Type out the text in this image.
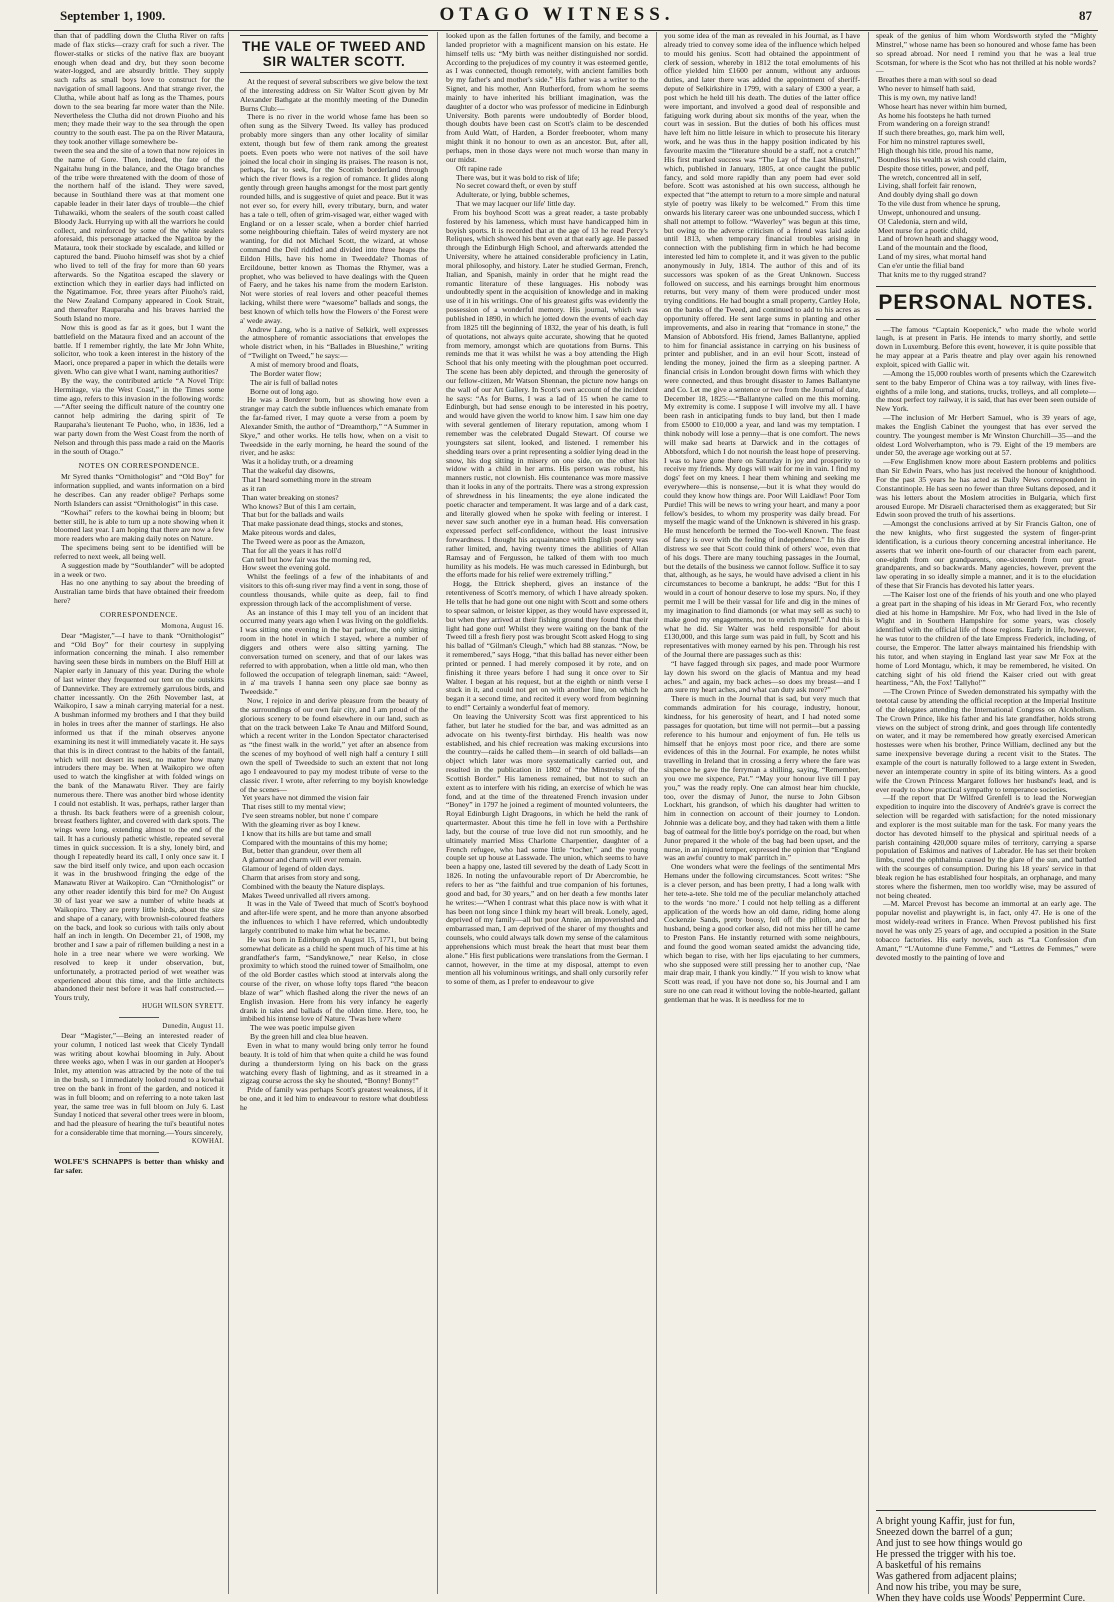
September 1, 1909.	OTAGO WITNESS.	87

than that of paddling down the Clutha River on rafts made of flax sticks—crazy craft for such a river. The flower-stalks or sticks of the native flax are buoyant enough when dead and dry, but they soon become water-logged, and are absurdly brittle. They supply such rafts as small boys love to construct for the navigation of small lagoons. And that strange river, the Clutha, while about half as long as the Thames, pours down to the sea bearing far more water than the Nile. Nevertheless the Clutha did not drown Piuoho and his men; they made their way to the sea through the open country to the south east. The pa on the River Mataura, they took another village somewhere be-

tween the sea and the site of a town that now rejoices in the name of Gore. Then, indeed, the fate of the Ngaitahu hung in the balance, and the Otago branches of the tribe were threatened with the doom of those of the northern half of the island. They were saved, because in Southland there was at that moment one capable leader in their later days of trouble—the chief Tuhawaiki, whom the sealers of the south coast called Bloody Jack. Hurrying up with all the warriors he could collect, and reinforced by some of the white sealers aforesaid, this personage attacked the Ngatitoa by the Mataura, took their stockade by escalade, and killed or captured the band. Piuoho himself was shot by a chief who lived to tell of the fray for more than 60 years afterwards. So the Ngatitoa escaped the slavery or extinction which they in earlier days had inflicted on the Ngatimamoe. For, three years after Piuoho's raid, the New Zealand Company appeared in Cook Strait, and thereafter Rauparaha and his braves harried the South Island no more.

Now this is good as far as it goes, but I want the battlefield on the Mataura fixed and an account of the battle. If I remember rightly, the late Mr John White, solicitor, who took a keen interest in the history of the Maori, once prepared a paper in which the details were given. Who can give what I want, naming authorities?

By the way, the contributed article “A Novel Trip: Hermitage, via the West Coast,” in the Times some time ago, refers to this invasion in the following words:—“After seeing the difficult nature of the country one cannot help admiring the daring spirit of Te Rauparaha's lieutenant Te Puoho, who, in 1836, led a war party down from the West Coast from the north of Nelson and through this pass made a raid on the Maoris in the south of Otago.”

NOTES ON CORRESPONDENCE.

Mr Syred thanks “Ornithologist” and “Old Boy” for information supplied, and wants information on a bird he describes. Can any reader oblige? Perhaps some North Islanders can assist “Ornithologist” in this case.

“Kowhai” refers to the kowhai being in bloom; but better still, he is able to turn up a note showing when it bloomed last year. I am hoping that there are now a few more readers who are making daily notes on Nature.

The specimens being sent to be identified will be referred to next week, all being well.

A suggestion made by “Southlander” will be adopted in a week or two.

Has no one anything to say about the breeding of Australian tame birds that have obtained their freedom here?

CORRESPONDENCE.

Momona, August 16.

Dear “Magister,”—I have to thank “Ornithologist” and “Old Boy” for their courtesy in supplying information concerning the minah. I also remember having seen these birds in numbers on the Bluff Hill at Napier early in January of this year. During the whole of last winter they frequented our tent on the outskirts of Dannevirke. They are extremely garrulous birds, and chatter incessantly. On the 26th November last, at Waikopiro, I saw a minah carrying material for a nest. A bushman informed my brothers and I that they build in holes in trees after the manner of starlings. He also informed us that if the minah observes anyone examining its nest it will immediately vacate it. He says that this is in direct contrast to the habits of the fantail, which will not desert its nest, no matter how many intruders there may be. When at Waikopiro we often used to watch the kingfisher at with folded wings on the bank of the Manawatu River. They are fairly numerous there. There was another bird whose identity I could not establish. It was, perhaps, rather larger than a thrush. Its back feathers were of a greenish colour, breast feathers lighter, and covered with dark spots. The wings were long, extending almost to the end of the tail. It has a curiously pathetic whistle, repeated several times in quick succession. It is a shy, lonely bird, and though I repeatedly heard its call, I only once saw it. I saw the bird itself only twice, and upon each occasion it was in the brushwood fringing the edge of the Manawatu River at Waikopiro. Can “Ornithologist” or any other reader identify this bird for me? On August 30 of last year we saw a number of white heads at Waikopiro. They are pretty little birds, about the size and shape of a canary, with brownish-coloured feathers on the back, and look so curious with tails only about half an inch in length. On December 21, of 1908, my brother and I saw a pair of riflemen building a nest in a hole in a tree near where we were working. We resolved to keep it under observation, but, unfortunately, a protracted period of wet weather was experienced about this time, and the little architects abandoned their nest before it was half constructed.—Yours truly,

HUGH WILSON SYRETT.

Dunedin, August 11.

Dear “Magister,”—Being an interested reader of your column, I noticed last week that Cicely Tyndall was writing about kowhai blooming in July. About three weeks ago, when I was in our garden at Hooper's Inlet, my attention was attracted by the note of the tui in the bush, so I immediately looked round to a kowhai tree on the bank in front of the garden, and noticed it was in full bloom; and on referring to a note taken last year, the same tree was in full bloom on July 6. Last Sunday I noticed that several other trees were in bloom, and had the pleasure of hearing the tui's beautiful notes for a considerable time that morning.—Yours sincerely,

KOWHAI.

WOLFE'S SCHNAPPS is better than whisky and far safer.

THE VALE OF TWEED AND SIR WALTER SCOTT.

At the request of several subscribers we give below the text of the interesting address on Sir Walter Scott given by Mr Alexander Bathgate at the monthly meeting of the Dunedin Burns Club:—

There is no river in the world whose fame has been so often sung as the Silvery Tweed. Its valley has produced probably more singers than any other locality of similar extent, though but few of them rank among the greatest poets. Even poets who were not natives of the soil have joined the local choir in singing its praises. The reason is not, perhaps, far to seek, for the Scottish borderland through which the river flows is a region of romance. It glides along gently through green haughs amongst for the most part gently rounded hills, and is suggestive of quiet and peace. But it was not ever so, for every hill, every tributary, burn, and water has a tale o tell, often of grim-visaged war, either waged with England or on a lesser scale, when a border chief harried some neighbouring chieftain. Tales of weird mystery are not wanting, for did not Michael Scott, the wizard, at whose command the Deil riddled and divided into three heaps the Eildon Hills, have his home in Tweeddale? Thomas of Ercildoune, better known as Thomas the Rhymer, was a prophet, who was believed to have dealings with the Queen of Faery, and he takes his name from the modern Earlston. Not were stories of real lovers and other peaceful themes lacking, whilst there were “waesome” ballads and songs, the best known of which tells how the Flowers o' the Forest were a' wede away.

Andrew Lang, who is a native of Selkirk, well expresses the atmosphere of romantic associations that envelopes the whole district when, in his “Ballades in Blueshine,” writing of “Twilight on Tweed,” he says:—

A mist of memory brood and floats,
The Border water flow;
The air is full of ballad notes
Borne out of long ago.

He was a Borderer born, but as showing how even a stranger may catch the subtle influences which emanate from the far-famed river, I may quote a verse from a poem by Alexander Smith, the author of “Dreamthorp,” “A Summer in Skye,” and other works. He tells how, when on a visit to Tweedside in the early morning, he heard the sound of the river, and he asks:

Was it a holiday truth, or a dreaming
That the wakeful day disowns,
That I heard something more in the stream
as it ran
Than water breaking on stones?

Who knows? But of this I am certain,
That but for the ballads and wails
That make passionate dead things, stocks and stones,
Make piteous words and dales,

The Tweed were as poor as the Amazon,
That for all the years it has roll'd
Can tell but how fair was the morning red,
How sweet the evening gold.

Whilst the feelings of a few of the inhabitants of and visitors to this oft-sung river may find a vent in song, those of countless thousands, while quite as deep, fail to find expression through lack of the accomplishment of verse.

As an instance of this I may tell you of an incident that occurred many years ago when I was living on the goldfields. I was sitting one evening in the bar parlour, the only sitting room in the hotel in which I stayed, where a number of diggers and others were also sitting yarning. The conversation turned on scenery, and that of our lakes was referred to with approbation, when a little old man, who then followed the occupation of telegraph lineman, said: “Aweel, in a' ma travels I hanna seen ony place sae bonny as Tweedside.”

Now, I rejoice in and derive pleasure from the beauty of the surroundings of our own fair city, and I am proud of the glorious scenery to be found elsewhere in our land, such as that on the track between Lake Te Anau and Milford Sound, which a recent writer in the London Spectator characterised as “the finest walk in the world,” yet after an absence from the scenes of my boyhood of well nigh half a century I still own the spell of Tweedside to such an extent that not long ago I endeavoured to pay my modest tribute of verse to the classic river. I wrote, after referring to my boyish knowledge of the scenes—

Yet years have not dimmed the vision fair
That rises still to my mental view;
I've seen streams nobler, but none t' compare
With the gleaming river as boy I knew.

I know that its hills are but tame and small
Compared with the mountains of this my home;
But, better than grandeur, over them all
A glamour and charm will ever remain.

Glamour of legend of olden days.
Charm that arises from story and song,
Combined with the beauty the Nature displays.
Makes Tweed unrivalled all rivers among.

It was in the Vale of Tweed that much of Scott's boyhood and after-life were spent, and he more than anyone absorbed the influences to which I have referred, which undoubtedly largely contributed to make him what he became.

He was born in Edinburgh on August 15, 1771, but being somewhat delicate as a child he spent much of his time at his grandfather's farm, “Sandyknowe,” near Kelso, in close proximity to which stood the ruined tower of Smailholm, one of the old Border castles which stood at intervals along the course of the river, on whose lofty tops flared “the beacon blaze of war” which flashed along the river the news of an English invasion. Here from his very infancy he eagerly drank in tales and ballads of the olden time. Here, too, he imbibed his intense love of Nature. 'Twas here where

The wee was poetic impulse given
By the green hill and clea blue heaven.

Even in what to many would bring only terror he found beauty. It is told of him that when quite a child he was found during a thunderstorm lying on his back on the grass watching every flash of lightning, and as it streamed in a zigzag course across the sky he shouted, “Bonny! Bonny!”

Pride of family was perhaps Scott's greatest weakness, if it be one, and it led him to endeavour to restore what doubtless he

looked upon as the fallen fortunes of the family, and become a landed proprietor with a magnificent mansion on his estate. He himself tells us: “My birth was neither distinguished nor sordid. According to the prejudices of my country it was esteemed gentle, as I was connected, though remotely, with ancient families both by my father's and mother's side.” His father was a writer to the Signet, and his mother, Ann Rutherford, from whom he seems mainly to have inherited his brilliant imagination, was the daughter of a doctor who was professor of medicine in Edinburgh University. Both parents were undoubtedly of Border blood, though doubts have been cast on Scott's claim to be descended from Auld Watt, of Harden, a Border freebooter, whom many might think it no honour to own as an ancestor. But, after all, perhaps, men in those days were not much worse than many in our midst.

Oft rapine rade
There was, but it was bold to risk of life;
No secret coward theft, or even by stuff
Adulterate, or lying, bubble schemes,
That we may lacquer our life' little day.

From his boyhood Scott was a great reader, a taste probably fostered by his lameness, which must have handicapped him in boyish sports. It is recorded that at the age of 13 he read Percy's Reliques, which showed his bent even at that early age. He passed through the Edinburgh High School, and afterwards attended the University, where he attained considerable proficiency in Latin, moral philosophy, and history. Later he studied German, French, Italian, and Spanish, mainly in order that he might read the romantic literature of these languages. His nobody was undoubtedly spent in the acquisition of knowledge and in making use of it in his writings. One of his greatest gifts was evidently the possession of a wonderful memory. His journal, which was published in 1890, in which he jotted down the events of each day from 1825 till the beginning of 1832, the year of his death, is full of quotations, not always quite accurate, showing that he quoted from memory, amongst which are quotations from Burns. This reminds me that it was whilst he was a boy attending the High School that his only meeting with the ploughman poet occurred. The scene has been ably depicted, and through the generosity of our fellow-citizen, Mr Watson Shennan, the picture now hangs on the wall of our Art Gallery. In Scott's own account of the incident he says: “As for Burns, I was a lad of 15 when he came to Edinburgh, but had sense enough to be interested in his poetry, and would have given the world to know him. I saw him one day with several gentlemen of literary reputation, among whom I remember was the celebrated Dugald Stewart. Of course we youngsters sat silent, looked, and listened. I remember his shedding tears over a print representing a soldier lying dead in the snow, his dog sitting in misery on one side, on the other his widow with a child in her arms. His person was robust, his manners rustic, not clownish. His countenance was more massive than it looks in any of the portraits. There was a strong expression of shrewdness in his lineaments; the eye alone indicated the poetic character and temperament. It was large and of a dark cast, and literally glowed when he spoke with feeling or interest. I never saw such another eye in a human head. His conversation expressed perfect self-confidence, without the least intrusive forwardness. I thought his acquaintance with English poetry was rather limited, and, having twenty times the abilities of Allan Ramsay and of Fergusson, he talked of them with too much humility as his models. He was much caressed in Edinburgh, but the efforts made for his relief were extremely trifling.”

Hogg, the Ettrick shepherd, gives an instance of the retentiveness of Scott's memory, of which I have already spoken. He tells that he had gone out one night with Scott and some others to spear salmon, or leister kipper, as they would have expressed it, but when they arrived at their fishing ground they found that their light had gone out! Whilst they were waiting on the bank of the Tweed till a fresh fiery post was brought Scott asked Hogg to sing his ballad of “Gilman's Cleugh,” which had 88 stanzas. “Now, be it remembered,” says Hogg, “that this ballad has never either been printed or penned. I had merely composed it by rote, and on finishing it three years before I had sung it once over to Sir Walter. I began at his request, but at the eighth or ninth verse I stuck in it, and could not get on with another line, on which he began it a second time, and recited it every word from beginning to end!” Certainly a wonderful feat of memory.

On leaving the University Scott was first apprenticed to his father, but later he studied for the bar, and was admitted as an advocate on his twenty-first birthday. His health was now established, and his chief recreation was making excursions into the country—raids he called them—in search of old ballads—an object which later was more systematically carried out, and resulted in the publication in 1802 of “the Minstrelsy of the Scottish Border.” His lameness remained, but not to such an extent as to interfere with his riding, an exercise of which he was fond, and at the time of the threatened French invasion under “Boney” in 1797 he joined a regiment of mounted volunteers, the Royal Edinburgh Light Dragoons, in which he held the rank of quartermaster. About this time he fell in love with a Perthshire lady, but the course of true love did not run smoothly, and he ultimately married Miss Charlotte Charpentier, daughter of a French refugee, who had some little “tocher,” and the young couple set up house at Lasswade. The union, which seems to have been a happy one, lasted till severed by the death of Lady Scott in 1826. In noting the unfavourable report of Dr Abercrombie, he refers to her as “the faithful and true companion of his fortunes, good and bad, for 30 years,” and on her death a few months later he writes:—“When I contrast what this place now is with what it has been not long since I think my heart will break. Lonely, aged, deprived of my family—all but poor Annie, an impoverished and embarrassed man, I am deprived of the sharer of my thoughts and counsels, who could always talk down my sense of the calamitous apprehensions which must break the heart that must bear them alone.” His first publications were translations from the German. I cannot, however, in the time at my disposal, attempt to even mention all his voluminous writings, and shall only cursorily refer to some of them, as I prefer to endeavour to give

you some idea of the man as revealed in his Journal, as I have already tried to convey some idea of the influence which helped to mould his genius. Scott had obtained the appointment of clerk of session, whereby in 1812 the total emoluments of his office yielded him £1600 per annum, without any arduous duties, and later there was added the appointment of sheriff-depute of Selkirkshire in 1799, with a salary of £300 a year, a post which he held till his death. The duties of the latter office were important, and involved a good deal of responsible and fatiguing work during about six months of the year, when the court was in session. But the duties of both his offices must have left him no little leisure in which to prosecute his literary work, and he was thus in the happy position indicated by his favourite maxim the “literature should be a staff, not a crutch!” His first marked success was “The Lay of the Last Minstrel,” which, published in January, 1805, at once caught the public fancy, and sold more rapidly than any poem had ever sold before. Scott was astonished at his own success, although he expected that “the attempt to return to a more simple and natural style of poetry was likely to be welcomed.” From this time onwards his literary career was one unbounded success, which I shall not attempt to follow. “Waverley” was begun at this time, but owing to the adverse criticism of a friend was laid aside until 1813, when temporary financial troubles arising in connection with the publishing firm in which he had become interested led him to complete it, and it was given to the public anonymously in July, 1814. The author of this and of its successors was spoken of as the Great Unknown. Success followed on success, and his earnings brought him enormous returns, but very many of them were produced under most trying conditions. He had bought a small property, Cartley Hole, on the banks of the Tweed, and continued to add to his acres as opportunity offered. He sent large sums in planting and other improvements, and also in rearing that “romance in stone,” the Mansion of Abbotsford. His friend, James Ballantyne, applied to him for financial assistance in carrying on his business of printer and publisher, and in an evil hour Scott, instead of lending the money, joined the firm as a sleeping partner. A financial crisis in London brought down firms with which they were connected, and thus brought disaster to James Ballantyne and Co. Let me give a sentence or two from the Journal of date, December 18, 1825:—“Ballantyne called on me this morning. My extremity is come. I suppose I will involve my all. I have been rash in anticipating funds to buy land, but then I made from £5000 to £10,000 a year, and land was my temptation. I think nobody will lose a penny—that is one comfort. The news will make sad hearts at Darwick and in the cottages of Abbotsford, which I do not nourish the least hope of preserving. I was to have gone there on Saturday in joy and prosperity to receive my friends. My dogs will wait for me in vain. I find my dogs' feet on my knees. I hear them whining and seeking me everywhere—this is nonsense,—but it is what they would do could they know how things are. Poor Will Laidlaw! Poor Tom Purdie! This will be news to wring your heart, and many a poor fellow's besides, to whom my prosperity was daily bread. For myself the magic wand of the Unknown is shivered in his grasp. He must henceforth be termed the Too-well Known. The feast of fancy is over with the feeling of independence.” In his dire distress we see that Scott could think of others' woe, even that of his dogs. There are many touching passages in the Journal, but the details of the business we cannot follow. Suffice it to say that, although, as he says, he would have advised a client in his circumstances to become a bankrupt, he adds: “But for this I would in a court of honour deserve to lose my spurs. No, if they permit me I will be their vassal for life and dig in the mines of my imagination to find diamonds (or what may sell as such) to make good my engagements, not to enrich myself.” And this is what he did. Sir Walter was held responsible for about £130,000, and this large sum was paid in full, by Scott and his representatives with money earned by his pen. Through his rest of the Journal there are passages such as this:

“I have fagged through six pages, and made poor Wurmore lay down his sword on the glacis of Mantua and my head aches.” and again, my back aches—so does my breast—and I am sure my heart aches, and what can duty ask more?”

There is much in the Journal that is sad, but very much that commands admiration for his courage, industry, honour, kindness, for his generosity of heart, and I had noted some passages for quotation, but time will not permit—but a passing reference to his humour and enjoyment of fun. He tells us himself that he enjoys most poor rice, and there are some evidences of this in the Journal. For example, he notes whilst travelling in Ireland that in crossing a ferry where the fare was sixpence he gave the ferryman a shilling, saying, “Remember, you owe me sixpence, Pat.” “May your honour live till I pay you,” was the ready reply. One can almost hear him chuckle, too, over the dismay of Junor, the nurse to John Gibson Lockhart, his grandson, of which his daughter had written to him in connection on account of their journey to London. Johnnie was a delicate boy, and they had taken with them a little bag of oatmeal for the little boy's porridge on the road, but when Junor prepared it the whole of the bag had been upset, and the nurse, in an injured temper, expressed the opinion that “England was an awfu' country to mak' parritch in.”

One wonders what were the feelings of the sentimental Mrs Hemans under the following circumstances. Scott writes: “She is a clever person, and has been pretty, I had a long walk with her tete-a-tete. She told me of the peculiar melancholy attached to the words ‘no more.’ I could not help telling as a different application of the words how an old dame, riding home along Cockenzie Sands, pretty boosy, fell off the pillion, and her husband, being a good corker also, did not miss her till he came to Preston Pans. He instantly returned with some neighbours, and found the good woman seated amidst the advancing tide, which began to rise, with her lips ejaculating to her cummers, who she supposed were still pressing her to another cup, ‘Nae mair drap mair, I thank you kindly.’” If you wish to know what Scott was read, if you have not done so, his Journal and I am sure no one can read it without loving the noble-hearted, gallant gentleman that he was. It is needless for me to

speak of the genius of him whom Wordsworth styled the “Mighty Minstrel,” whose name has been so honoured and whose fame has been so spread abroad. Nor need I remind you that he was a leal true Scotsman, for where is the Scot who has not thrilled at his noble words?—

Breathes there a man with soul so dead
Who never to himself hath said,
This is my own, my native land!
Whose heart has never within him burned,
As home his footsteps he hath turned
From wandering on a foreign strand!
If such there breathes, go, mark him well,
For him no minstrel raptures swell,
High though his title, proud his name,
Boundless his wealth as wish could claim,
Despite those titles, power, and pelf,
The wretch, concentred all in self,
Living, shall forfeit fair renown,
And doubly dying shall go down
To the vile dust from whence he sprung,
Unwept, unhonoured and unsung.
O! Caledonia, stern and wild,
Meet nurse for a poetic child,
Land of brown heath and shaggy wood,
Land of the mountain and the flood,
Land of my sires, what mortal hand
Can e'er untie the filial band
That knits me to thy rugged strand?

PERSONAL NOTES.

—The famous “Captain Koepenick,” who made the whole world laugh, is at present in Paris. He intends to marry shortly, and settle down in Luxemburg. Before this event, however, it is quite possible that he may appear at a Paris theatre and play over again his renowned exploit, spiced with Gallic wit.

—Among the 15,000 roubles worth of presents which the Czarewitch sent to the baby Emperor of China was a toy railway, with lines five-eighths of a mile long, and stations, trucks, trolleys, and all complete—the most perfect toy railway, it is said, that has ever been seen outside of New York.

—The inclusion of Mr Herbert Samuel, who is 39 years of age, makes the English Cabinet the youngest that has ever served the country. The youngest member is Mr Winston Churchill—35—and the oldest Lord Wolverhampton, who is 79. Eight of the 19 members are under 50, the average age working out at 57.

—Few Englishmen know more about Eastern problems and politics than Sir Edwin Pears, who has just received the honour of knighthood. For the past 35 years he has acted as Daily News correspondent in Constantinople. He has seen no fewer than three Sultans deposed, and it was his letters about the Moslem atrocities in Bulgaria, which first aroused Europe. Mr Disraeli characterised them as exaggerated; but Sir Edwin soon proved the truth of his assertions.

—Amongst the conclusions arrived at by Sir Francis Galton, one of the new knights, who first suggested the system of finger-print identification, is a curious theory concerning ancestral inheritance. He asserts that we inherit one-fourth of our character from each parent, one-eighth from our grandparents, one-sixteenth from our great-grandparents, and so backwards. Many agencies, however, prevent the law operating in so ideally simple a manner, and it is to the elucidation of these that Sir Francis has devoted his latter years.

—The Kaiser lost one of the friends of his youth and one who played a great part in the shaping of his ideas in Mr Gerard Fox, who recently died at his home in Hampshire. Mr Fox, who had lived in the Isle of Wight and in Southern Hampshire for some years, was closely identified with the official life of those regions. Early in life, however, he was tutor to the children of the late Empress Frederick, including, of course, the Emperor. The latter always maintained his friendship with his tutor, and when staying in England last year saw Mr Fox at the home of Lord Montagu, which, it may be remembered, he visited. On catching sight of his old friend the Kaiser cried out with great heartiness, “Ah, the Fox! 'Tallyho!'”

—The Crown Prince of Sweden demonstrated his sympathy with the teetotal cause by attending the official reception at the Imperial Institute of the delegates attending the International Congress on Alcoholism. The Crown Prince, like his father and his late grandfather, holds strong views on the subject of strong drink, and goes through life contentedly on water, and it may be remembered how greatly exercised American hostesses were when his brother, Prince William, declined any but the same inexpensive beverage during a recent visit to the States. The example of the court is naturally followed to a large extent in Sweden, never an intemperate country in spite of its biting winters. As a good wife the Crown Princess Margaret follows her husband's lead, and is ever ready to show practical sympathy to temperance societies.

—If the report that Dr Wilfred Grenfell is to lead the Norwegian expedition to inquire into the discovery of Andrée's grave is correct the selection will be regarded with satisfaction; for the noted missionary and explorer is the most suitable man for the task. For many years the doctor has devoted himself to the physical and spiritual needs of a parish containing 420,000 square miles of territory, carrying a sparse population of Eskimos and natives of Labrador. He has set their broken limbs, cured the ophthalmia caused by the glare of the sun, and battled with the scourges of consumption. During his 18 years' service in that bleak region he has established four hospitals, an orphanage, and many stores where the fishermen, men too worldly wise, may be assured of not being cheated.

—M. Marcel Prevost has become an immortal at an early age. The popular novelist and playwright is, in fact, only 47. He is one of the most widely-read writers in France. When Prevost published his first novel he was only 25 years of age, and occupied a position in the State tobacco factories. His early novels, such as “La Confession d'un Amant,” “L'Automne d'une Femme,” and “Lettres de Femmes,” were devoted mostly to the painting of love and

A bright young Kaffir, just for fun,

Sneezed down the barrel of a gun;

And just to see how things would go

He pressed the trigger with his toe.

A basketful of his remains

Was gathered from adjacent plains;

And now his tribe, you may be sure,

When they have colds use Woods' Peppermint Cure.
